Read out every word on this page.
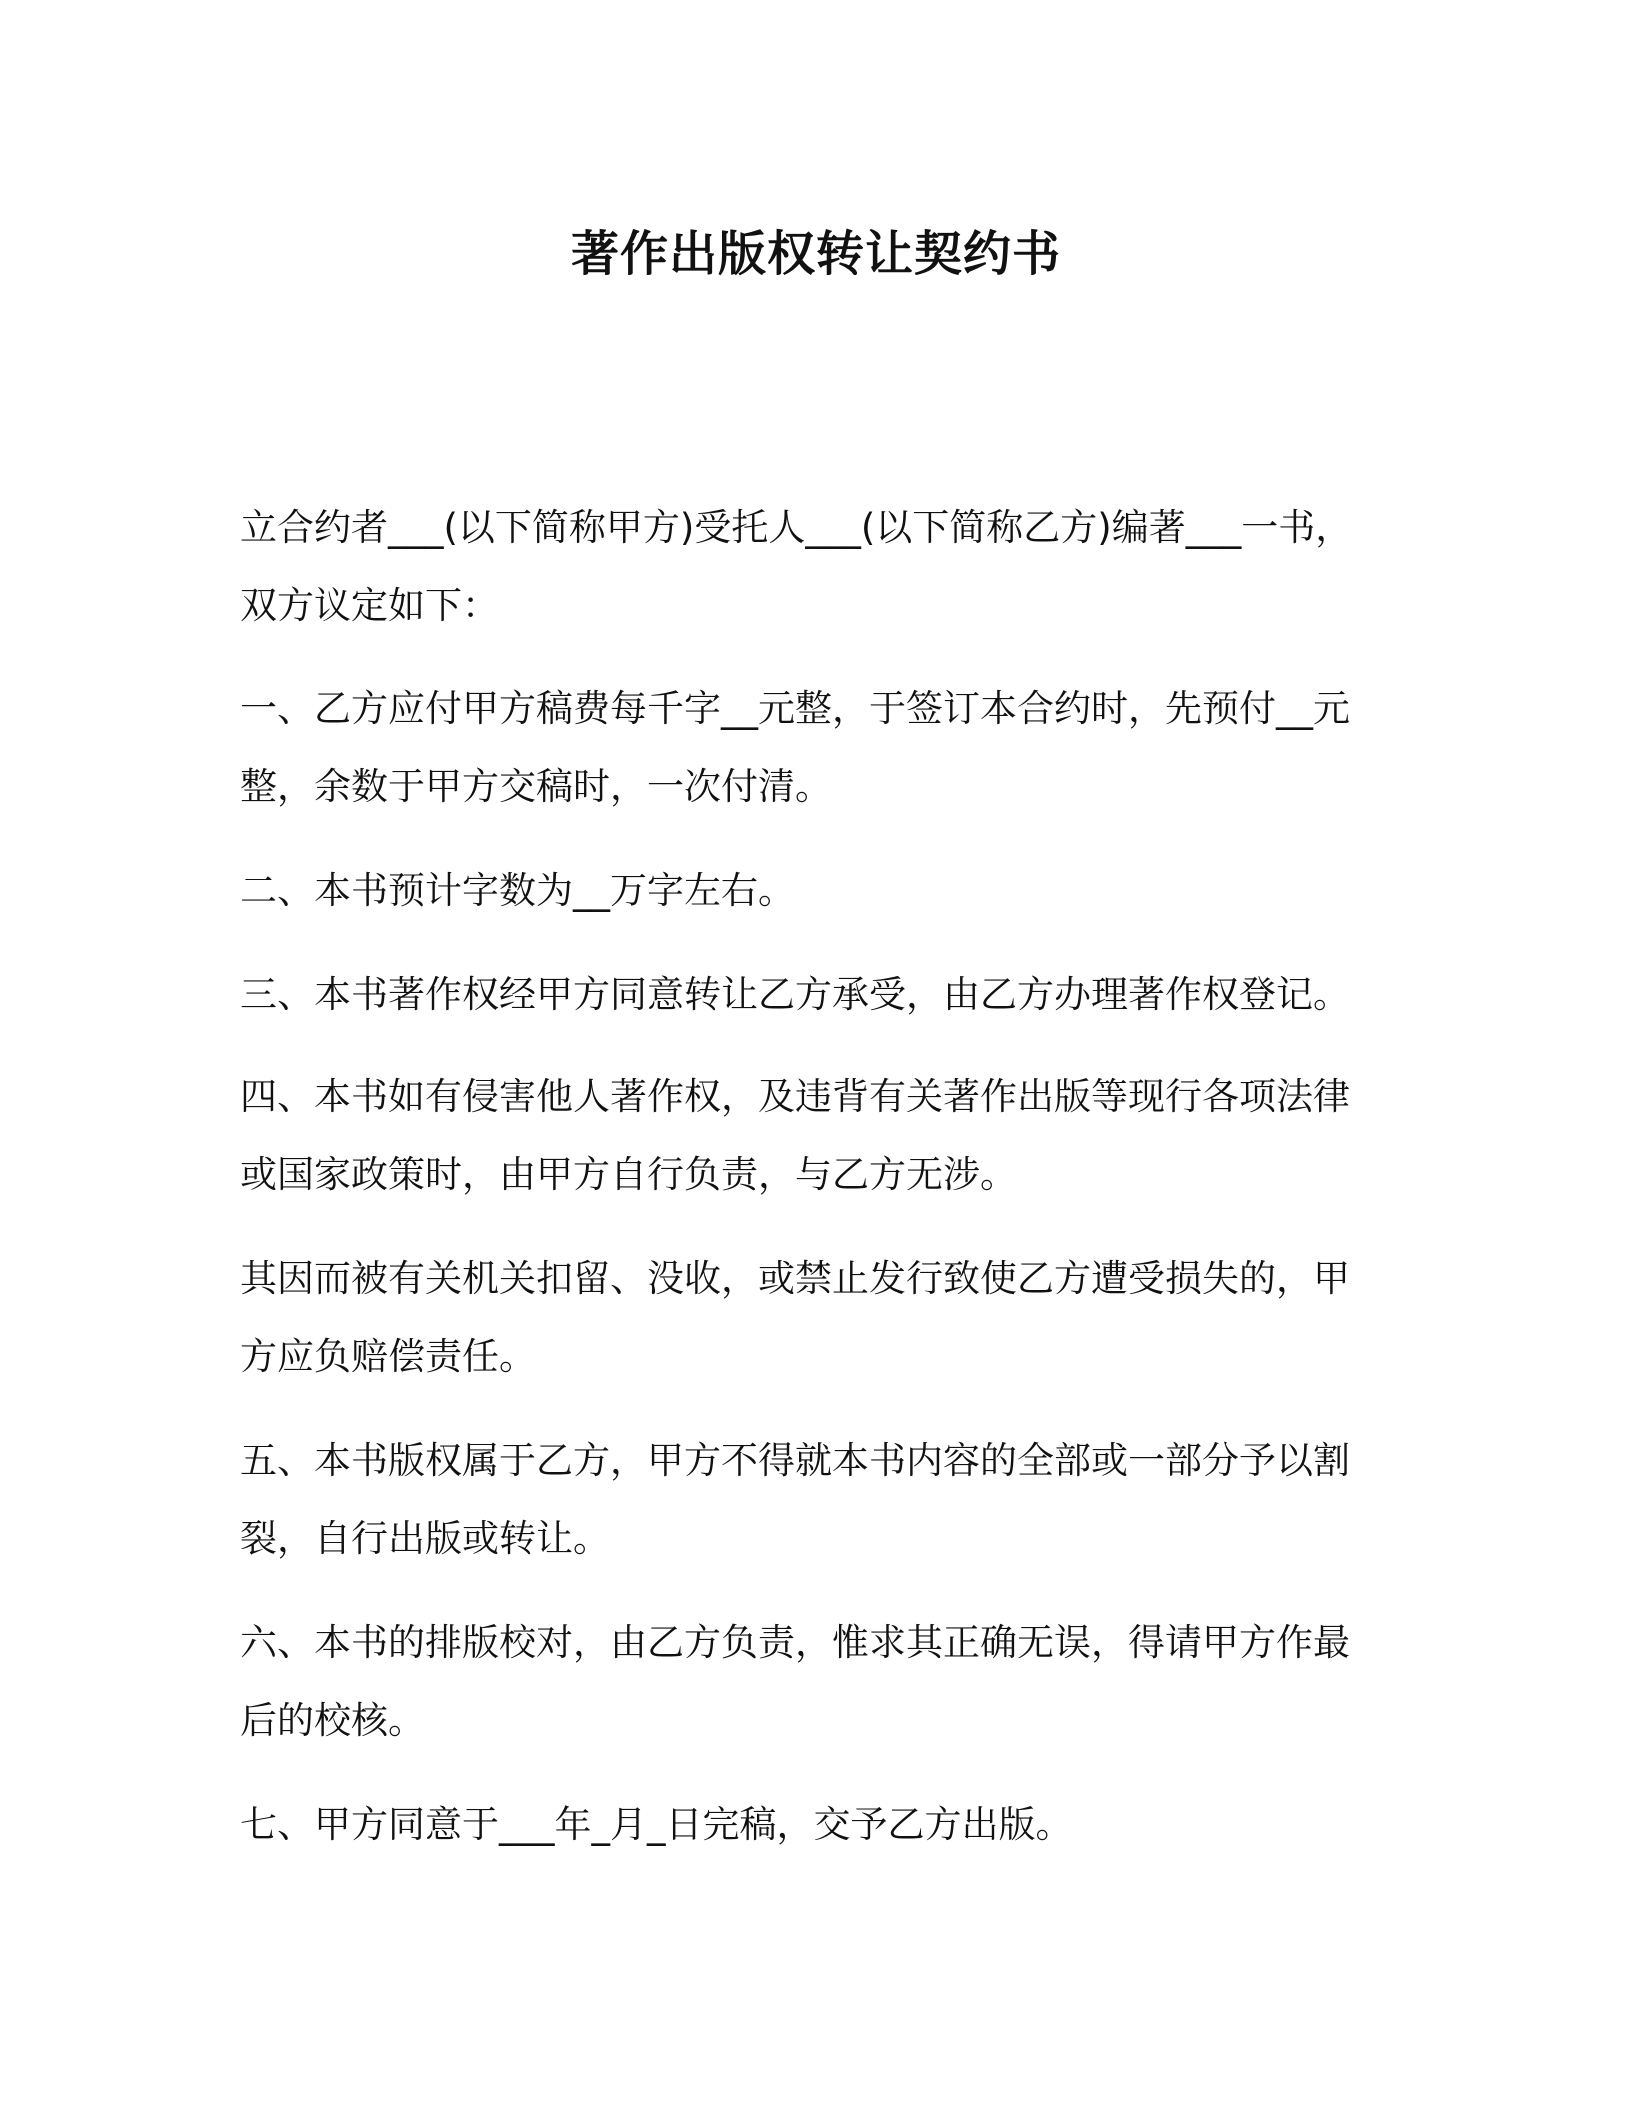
著作出版权转让契约书

立合约者___(以下简称甲方)受托人___(以下简称乙方)编著___一书，双方议定如下：

一、乙方应付甲方稿费每千字__元整，于签订本合约时，先预付__元整，余数于甲方交稿时，一次付清。

二、本书预计字数为__万字左右。

三、本书著作权经甲方同意转让乙方承受，由乙方办理著作权登记。

四、本书如有侵害他人著作权，及违背有关著作出版等现行各项法律或国家政策时，由甲方自行负责，与乙方无涉。

其因而被有关机关扣留、没收，或禁止发行致使乙方遭受损失的，甲方应负赔偿责任。

五、本书版权属于乙方，甲方不得就本书内容的全部或一部分予以割裂，自行出版或转让。

六、本书的排版校对，由乙方负责，惟求其正确无误，得请甲方作最后的校核。

七、甲方同意于___年_月_日完稿，交予乙方出版。
